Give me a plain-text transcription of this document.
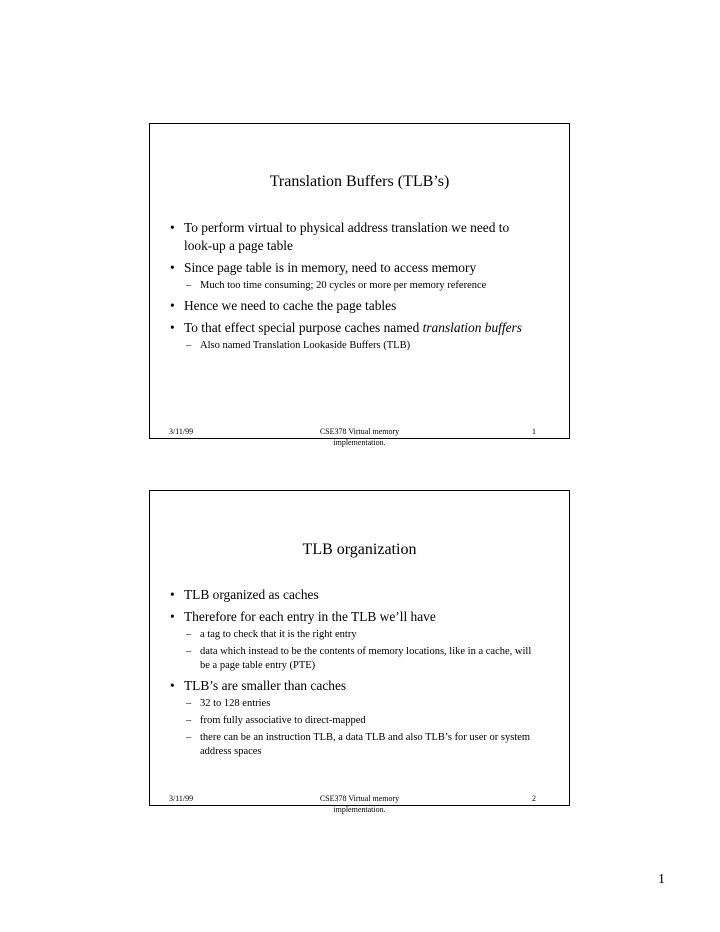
Translation Buffers (TLB’s)
• To perform virtual to physical address translation we need to look-up a page table
• Since page table is in memory, need to access memory
– Much too time consuming; 20 cycles or more per memory reference
• Hence we need to cache the page tables
• To that effect special purpose caches named translation buffers
– Also named Translation Lookaside Buffers (TLB)
3/11/99	CSE378 Virtual memory
implementation.
1
TLB organization
• TLB organized as caches
• Therefore for each entry in the TLB we’ll have
– a tag to check that it is the right entry
– data which instead to be the contents of memory locations, like in a cache, will be a page table entry (PTE)
• TLB’s are smaller than caches
– 32 to 128 entries
– from fully associative to direct-mapped
– there can be an instruction TLB, a data TLB and also TLB’s for user or system address spaces
3/11/99	CSE378 Virtual memory
implementation.
2
1
